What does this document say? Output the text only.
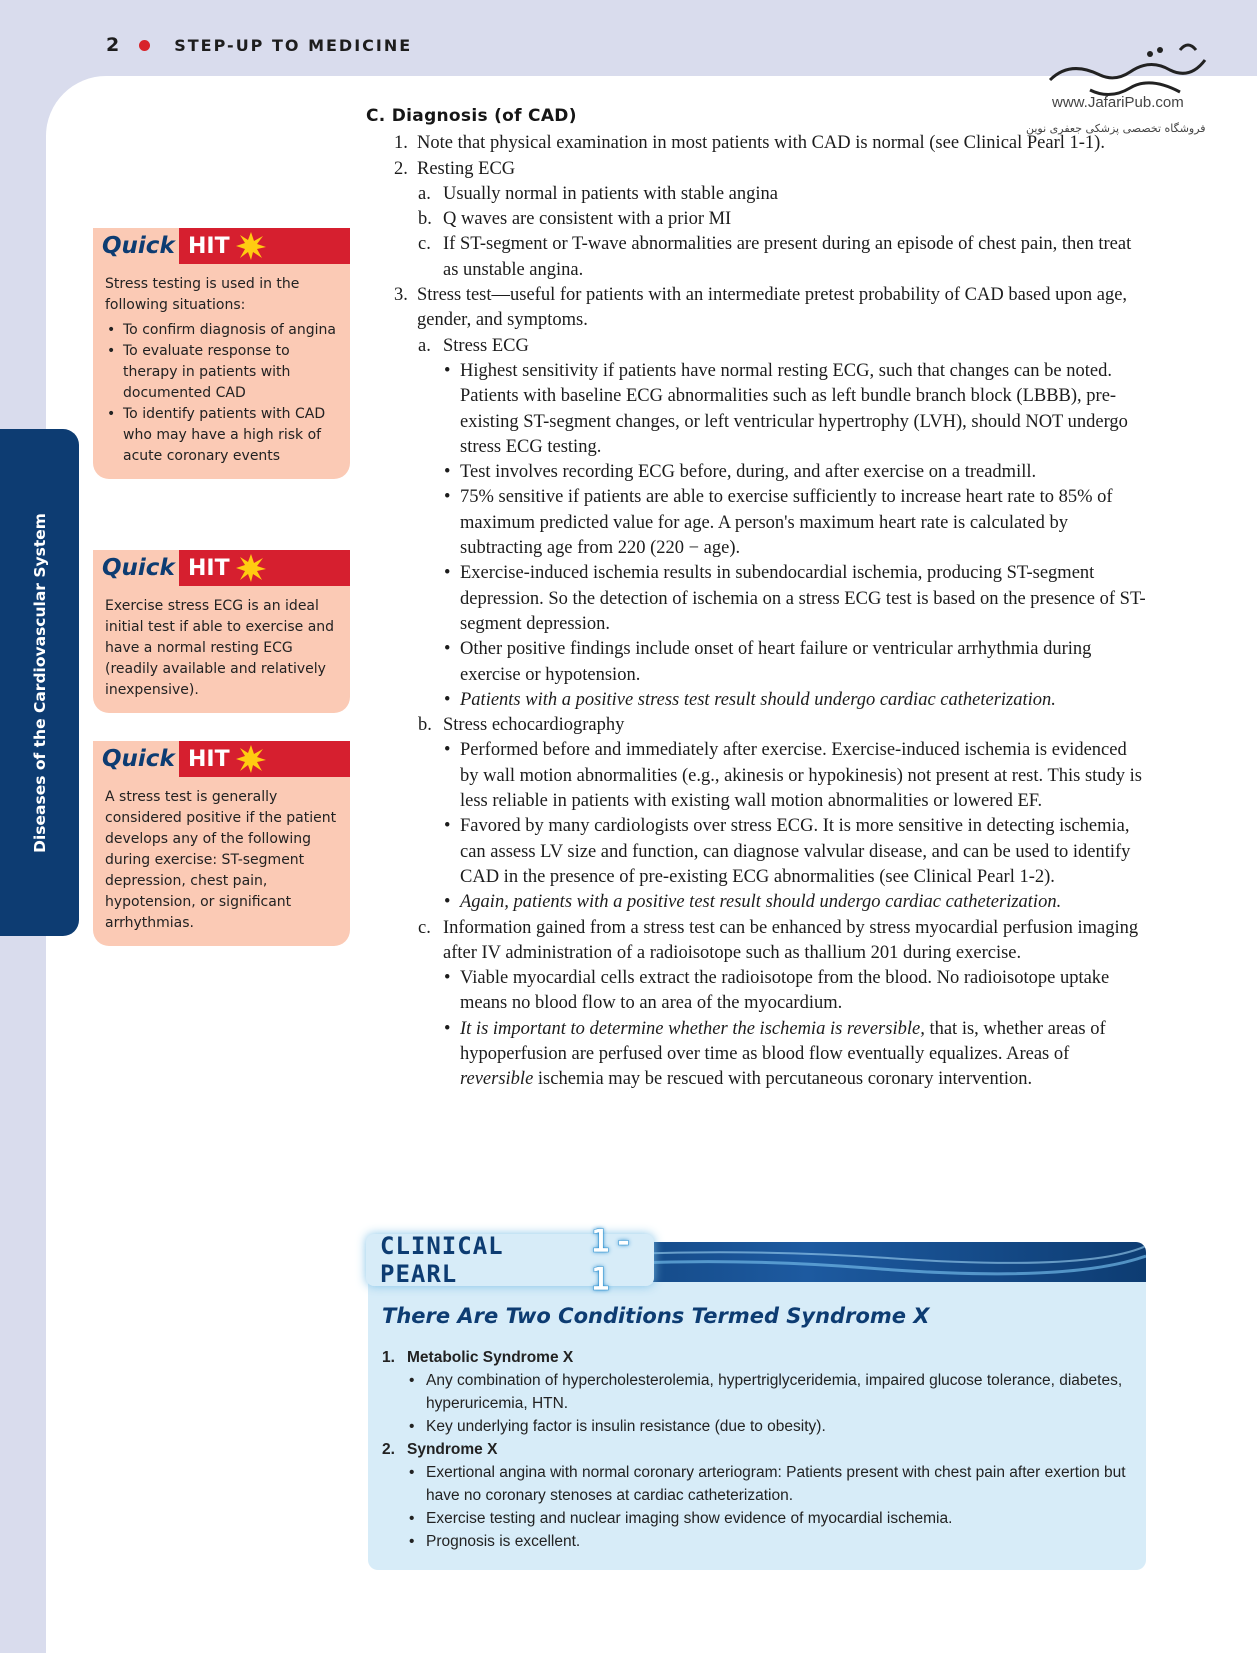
2	STEP-UP TO MEDICINE
www.JafariPub.com
فروشگاه تخصصی پزشکی جعفری نوین
Diseases of the Cardiovascular System
Quick HIT

Stress testing is used in the following situations:

• To confirm diagnosis of angina
• To evaluate response to therapy in patients with documented CAD
• To identify patients with CAD who may have a high risk of acute coronary events
Quick HIT

Exercise stress ECG is an ideal initial test if able to exercise and have a normal resting ECG (readily available and relatively inexpensive).

Quick HIT

A stress test is generally considered positive if the patient develops any of the following during exercise: ST-segment depression, chest pain, hypotension, or significant arrhythmias.

C. Diagnosis (of CAD)
1. Note that physical examination in most patients with CAD is normal (see Clinical Pearl 1-1).
2. Resting ECG
a. Usually normal in patients with stable angina
b. Q waves are consistent with a prior MI
c. If ST-segment or T-wave abnormalities are present during an episode of chest pain, then treat as unstable angina.
3. Stress test—useful for patients with an intermediate pretest probability of CAD based upon age, gender, and symptoms.
a. Stress ECG
• Highest sensitivity if patients have normal resting ECG, such that changes can be noted. Patients with baseline ECG abnormalities such as left bundle branch block (LBBB), pre-existing ST-segment changes, or left ventricular hypertrophy (LVH), should NOT undergo stress ECG testing.
• Test involves recording ECG before, during, and after exercise on a treadmill.
• 75% sensitive if patients are able to exercise sufficiently to increase heart rate to 85% of maximum predicted value for age. A person's maximum heart rate is calculated by subtracting age from 220 (220 − age).
• Exercise-induced ischemia results in subendocardial ischemia, producing ST-segment depression. So the detection of ischemia on a stress ECG test is based on the presence of ST-segment depression.
• Other positive findings include onset of heart failure or ventricular arrhythmia during exercise or hypotension.
• Patients with a positive stress test result should undergo cardiac catheterization.
b. Stress echocardiography
• Performed before and immediately after exercise. Exercise-induced ischemia is evidenced by wall motion abnormalities (e.g., akinesis or hypokinesis) not present at rest. This study is less reliable in patients with existing wall motion abnormalities or lowered EF.
• Favored by many cardiologists over stress ECG. It is more sensitive in detecting ischemia, can assess LV size and function, can diagnose valvular disease, and can be used to identify CAD in the presence of pre-existing ECG abnormalities (see Clinical Pearl 1-2).
• Again, patients with a positive test result should undergo cardiac catheterization.
c. Information gained from a stress test can be enhanced by stress myocardial perfusion imaging after IV administration of a radioisotope such as thallium 201 during exercise.
• Viable myocardial cells extract the radioisotope from the blood. No radioisotope uptake means no blood flow to an area of the myocardium.
• It is important to determine whether the ischemia is reversible, that is, whether areas of hypoperfusion are perfused over time as blood flow eventually equalizes. Areas of reversible ischemia may be rescued with percutaneous coronary intervention.
CLINICAL PEARL
1-1
There Are Two Conditions Termed Syndrome X
1. Metabolic Syndrome X
• Any combination of hypercholesterolemia, hypertriglyceridemia, impaired glucose tolerance, diabetes, hyperuricemia, HTN.
• Key underlying factor is insulin resistance (due to obesity).
2. Syndrome X
• Exertional angina with normal coronary arteriogram: Patients present with chest pain after exertion but have no coronary stenoses at cardiac catheterization.
• Exercise testing and nuclear imaging show evidence of myocardial ischemia.
• Prognosis is excellent.
